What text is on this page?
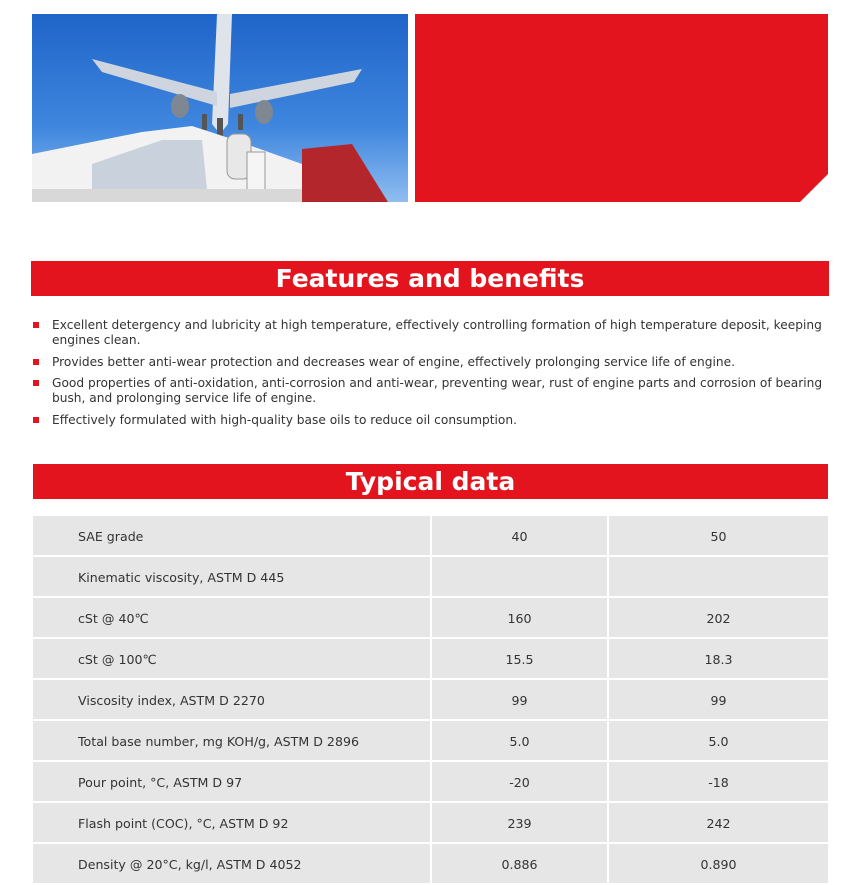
Features and benefits
Excellent detergency and lubricity at high temperature, effectively controlling formation of high temperature deposit, keeping engines clean.
Provides better anti-wear protection and decreases wear of engine, effectively prolonging service life of engine.
Good properties of anti-oxidation, anti-corrosion and anti-wear, preventing wear, rust of engine parts and corrosion of bearing bush, and prolonging service life of engine.
Effectively formulated with high-quality base oils to reduce oil consumption.
Typical data
SAE grade	40	50
Kinematic viscosity, ASTM D 445
cSt @ 40℃	160	202
cSt @ 100℃	15.5	18.3
Viscosity index, ASTM D 2270	99	99
Total base number, mg KOH/g, ASTM D 2896	5.0	5.0
Pour point, °C, ASTM D 97	-20	-18
Flash point (COC), °C, ASTM D 92	239	242
Density @ 20°C, kg/l, ASTM D 4052	0.886	0.890
